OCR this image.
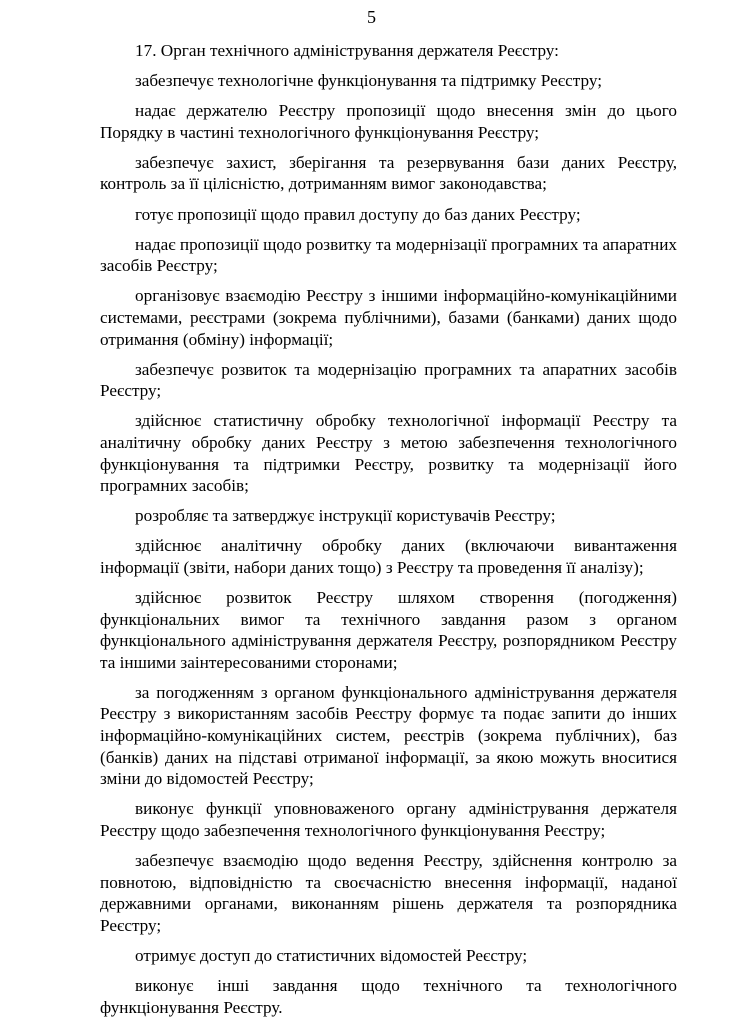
5

17. Орган технічного адміністрування держателя Реєстру:

забезпечує технологічне функціонування та підтримку Реєстру;

надає держателю Реєстру пропозиції щодо внесення змін до цього Порядку в частині технологічного функціонування Реєстру;

забезпечує захист, зберігання та резервування бази даних Реєстру, контроль за її цілісністю, дотриманням вимог законодавства;

готує пропозиції щодо правил доступу до баз даних Реєстру;

надає пропозиції щодо розвитку та модернізації програмних та апаратних засобів Реєстру;

організовує взаємодію Реєстру з іншими інформаційно-комунікаційними системами, реєстрами (зокрема публічними), базами (банками) даних щодо отримання (обміну) інформації;

забезпечує розвиток та модернізацію програмних та апаратних засобів Реєстру;

здійснює статистичну обробку технологічної інформації Реєстру та аналітичну обробку даних Реєстру з метою забезпечення технологічного функціонування та підтримки Реєстру, розвитку та модернізації його програмних засобів;

розробляє та затверджує інструкції користувачів Реєстру;

здійснює аналітичну обробку даних (включаючи вивантаження інформації (звіти, набори даних тощо) з Реєстру та проведення її аналізу);

здійснює розвиток Реєстру шляхом створення (погодження) функціональних вимог та технічного завдання разом з органом функціонального адміністрування держателя Реєстру, розпорядником Реєстру та іншими заінтересованими сторонами;

за погодженням з органом функціонального адміністрування держателя Реєстру з використанням засобів Реєстру формує та подає запити до інших інформаційно-комунікаційних систем, реєстрів (зокрема публічних), баз (банків) даних на підставі отриманої інформації, за якою можуть вноситися зміни до відомостей Реєстру;

виконує функції уповноваженого органу адміністрування держателя Реєстру щодо забезпечення технологічного функціонування Реєстру;

забезпечує взаємодію щодо ведення Реєстру, здійснення контролю за повнотою, відповідністю та своєчасністю внесення інформації, наданої державними органами, виконанням рішень держателя та розпорядника Реєстру;

отримує доступ до статистичних відомостей Реєстру;

виконує інші завдання щодо технічного та технологічного функціонування Реєстру.
